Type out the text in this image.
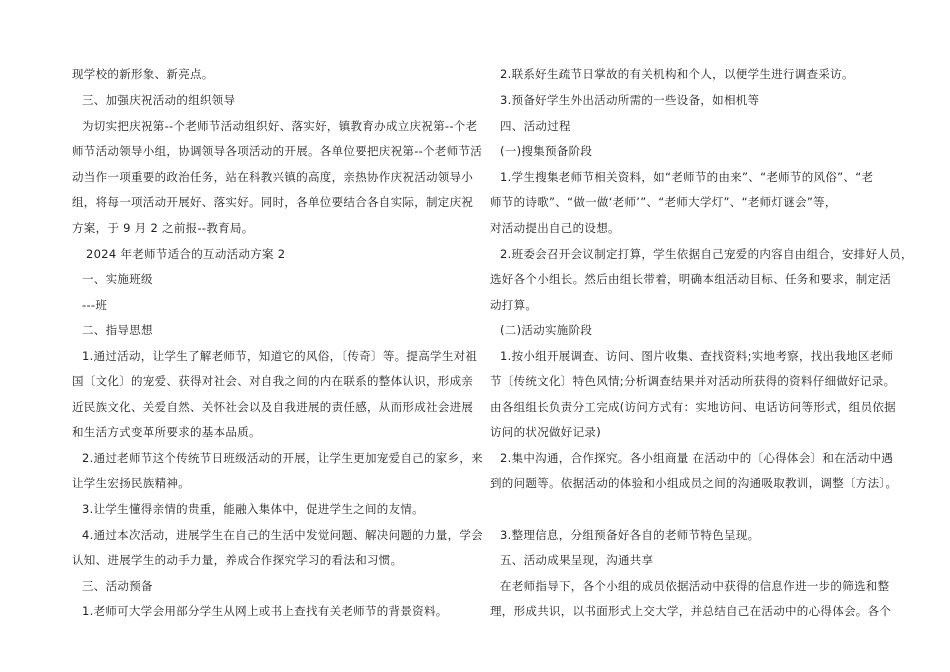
现学校的新形象、新亮点。
三、加强庆祝活动的组织领导
为切实把庆祝第--个老师节活动组织好、落实好，镇教育办成立庆祝第--个老
师节活动领导小组，协调领导各项活动的开展。各单位要把庆祝第--个老师节活
动当作一项重要的政治任务，站在科教兴镇的高度，亲热协作庆祝活动领导小
组，将每一项活动开展好、落实好。同时，各单位要结合各自实际，制定庆祝
方案，于 9 月 2 之前报--教育局。
2024 年老师节适合的互动活动方案 2
一、实施班级
---班
二、指导思想
1.通过活动，让学生了解老师节，知道它的风俗，〔传奇〕等。提高学生对祖
国〔文化〕的宠爱、获得对社会、对自我之间的内在联系的整体认识，形成亲
近民族文化、关爱自然、关怀社会以及自我进展的责任感，从而形成社会进展
和生活方式变革所要求的基本品质。
2.通过老师节这个传统节日班级活动的开展，让学生更加宠爱自己的家乡，来
让学生宏扬民族精神。
3.让学生懂得亲情的贵重，能融入集体中，促进学生之间的友情。
4.通过本次活动，进展学生在自己的生活中发觉问题、解决问题的力量，学会
认知、进展学生的动手力量，养成合作探究学习的看法和习惯。
三、活动预备
1.老师可大学会用部分学生从网上或书上查找有关老师节的背景资料。
2.联系好生疏节日掌故的有关机构和个人，以便学生进行调查采访。
3.预备好学生外出活动所需的一些设备，如相机等
四、活动过程
(一)搜集预备阶段
1.学生搜集老师节相关资料，如“老师节的由来”、“老师节的风俗”、“老
师节的诗歌”、“做一做‘老师’”、“老师大学灯”、“老师灯谜会”等，
对活动提出自己的设想。
2.班委会召开会议制定打算，学生依据自己宠爱的内容自由组合，安排好人员，
选好各个小组长。然后由组长带着，明确本组活动目标、任务和要求，制定活
动打算。
(二)活动实施阶段
1.按小组开展调查、访问、图片收集、查找资料;实地考察，找出我地区老师
节〔传统文化〕特色风情;分析调查结果并对活动所获得的资料仔细做好记录。
由各组组长负责分工完成(访问方式有：实地访问、电话访问等形式，组员依据
访问的状况做好记录)
2.集中沟通，合作探究。各小组商量 在活动中的〔心得体会〕和在活动中遇
到的问题等。依据活动的体验和小组成员之间的沟通吸取教训，调整〔方法〕。
3.整理信息，分组预备好各自的老师节特色呈现。
五、活动成果呈现，沟通共享
在老师指导下，各个小组的成员依据活动中获得的信息作进一步的筛选和整
理，形成共识，以书面形式上交大学，并总结自己在活动中的心得体会。各个
